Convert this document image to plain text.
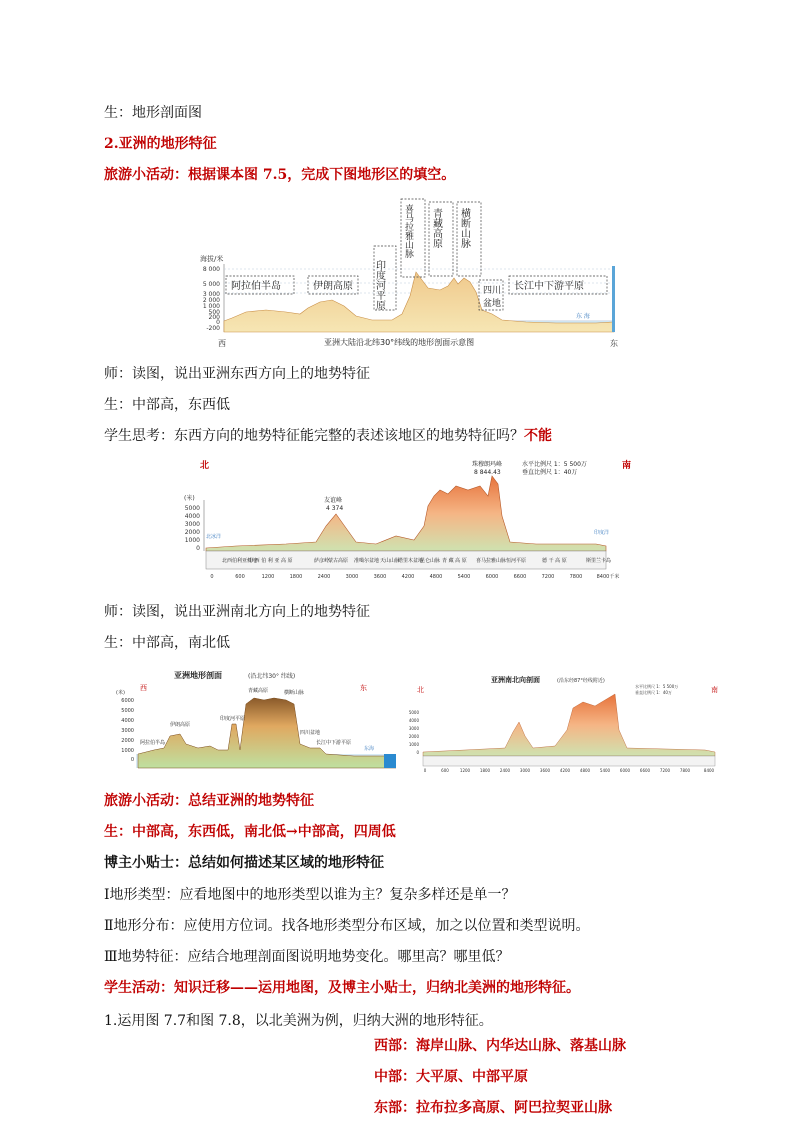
生：地形剖面图
2.亚洲的地形特征
旅游小活动：根据课本图 7.5，完成下图地形区的填空。
海拔/米
8 000
5 000
3 000
2 000
1 000
500
200
0
-200
东 海
阿拉伯半岛	伊朗高原 印度河平原
喜马拉雅山脉 青藏高原 横断山脉
长江中下游平原
四川
盆地
西	东
亚洲大陆沿北纬30°纬线的地形剖面示意图
师：读图，说出亚洲东西方向上的地势特征
生：中部高，东西低
学生思考：东西方向的地势特征能完整的表述该地区的地势特征吗？不能
北	南
(米)
5000
4000
3000
2000
1000
0
北西伯利亚低地
中 西 伯 利 亚 高 原	萨彦岭
蒙古高原 准噶尔盆地 天山山脉
塔里木盆地
昆仑山脉 青 藏 高 原 喜马拉雅山脉 恒河平原	德 干 高 原	斯里兰卡岛
0	600	1200	1800	2400	3000	3600	4200	4800	5400	6000	6600	7200	7800	8400千米
友谊峰
4 374
珠穆朗玛峰
8 844.43
水平比例尺 1：5 500万
垂直比例尺 1：40万
北冰洋
印度洋
师：读图，说出亚洲南北方向上的地势特征
生：中部高，南北低
亚洲地形剖面	(沿北纬30° 纬线)
西	东
(米)
6000
5000
4000
3000
2000
1000
0
阿拉伯半岛
伊朗高原
印度河平原
青藏高原	横断山脉
四川盆地
长江中下游平原
东海
亚洲南北向剖面	(沿东经87°经线附近)
北	南
水平比例尺 1：5 500万
垂直比例尺 1：40万
5000
4000
3000
2000
1000
0
0	600	1200 1800 2400 3000 3600 4200 4800 5400 6000 6600 7200 7800	8400
旅游小活动：总结亚洲的地势特征
生：中部高，东西低，南北低→中部高，四周低
博主小贴士：总结如何描述某区域的地形特征
Ⅰ地形类型：应看地图中的地形类型以谁为主？复杂多样还是单一？
Ⅱ地形分布：应使用方位词。找各地形类型分布区域，加之以位置和类型说明。
Ⅲ地势特征：应结合地理剖面图说明地势变化。哪里高？哪里低？
学生活动：知识迁移——运用地图，及博主小贴士，归纳北美洲的地形特征。
1.运用图 7.7和图 7.8，以北美洲为例，归纳大洲的地形特征。
西部：海岸山脉、内华达山脉、落基山脉
中部：大平原、中部平原
东部：拉布拉多高原、阿巴拉契亚山脉
